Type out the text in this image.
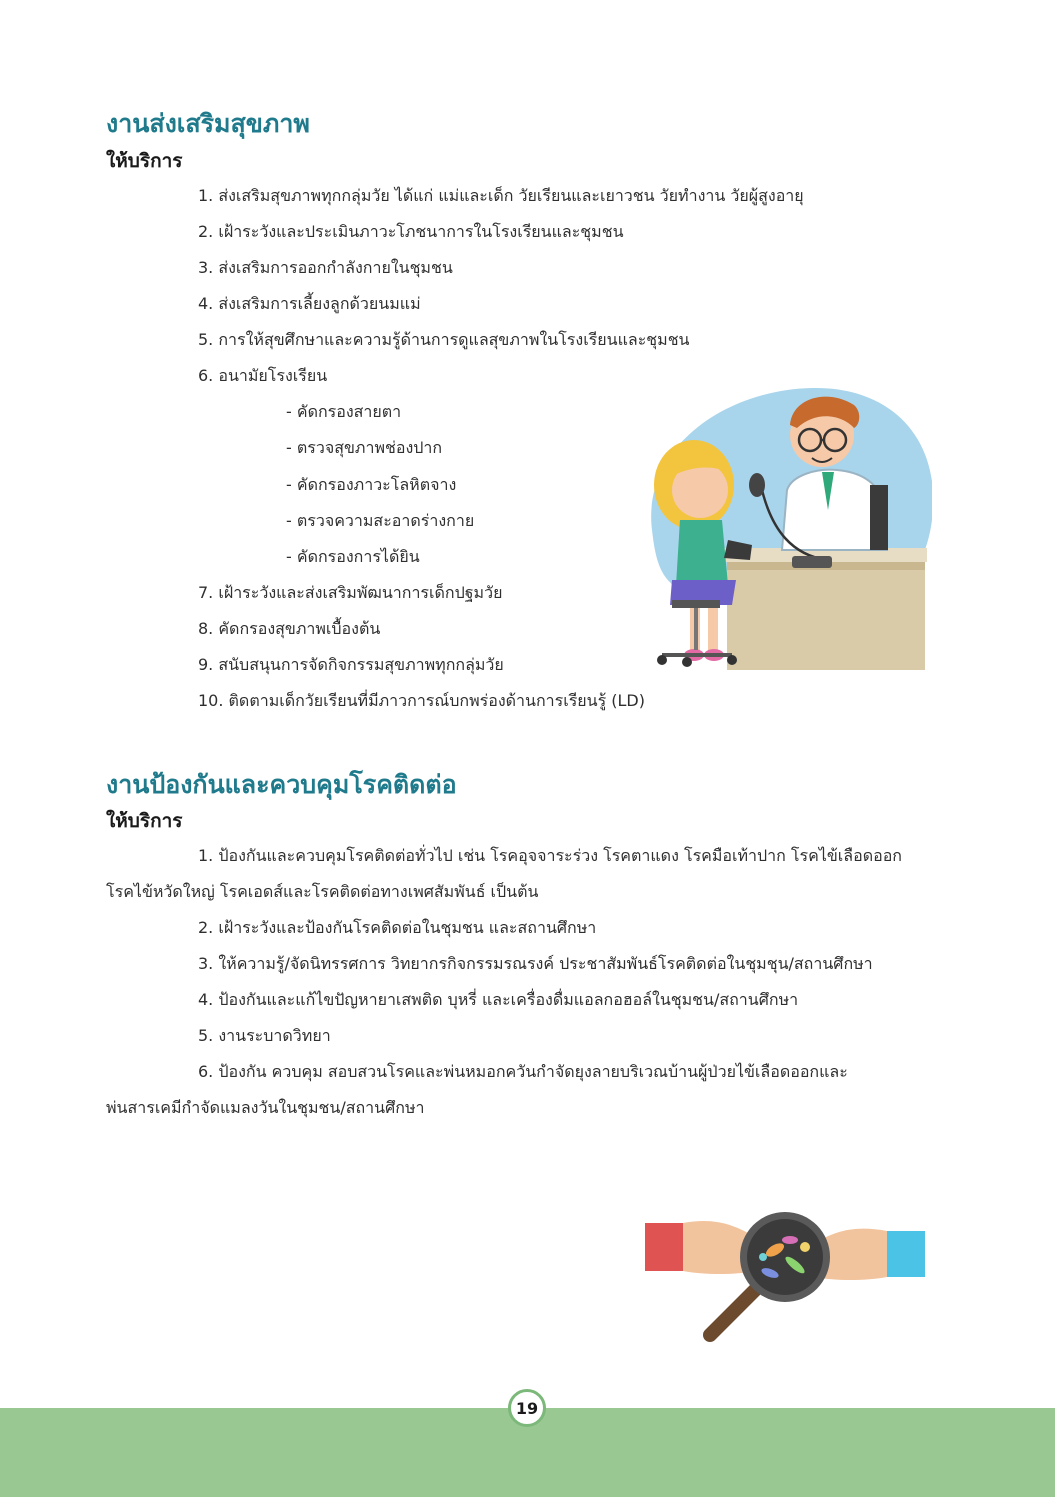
งานส่งเสริมสุขภาพ
ให้บริการ
1. ส่งเสริมสุขภาพทุกกลุ่มวัย ได้แก่ แม่และเด็ก วัยเรียนและเยาวชน วัยทำงาน วัยผู้สูงอายุ
2. เฝ้าระวังและประเมินภาวะโภชนาการในโรงเรียนและชุมชน
3. ส่งเสริมการออกกำลังกายในชุมชน
4. ส่งเสริมการเลี้ยงลูกด้วยนมแม่
5. การให้สุขศึกษาและความรู้ด้านการดูแลสุขภาพในโรงเรียนและชุมชน
6. อนามัยโรงเรียน
- คัดกรองสายตา
- ตรวจสุขภาพช่องปาก
- คัดกรองภาวะโลหิตจาง
- ตรวจความสะอาดร่างกาย
- คัดกรองการได้ยิน
7. เฝ้าระวังและส่งเสริมพัฒนาการเด็กปฐมวัย
8. คัดกรองสุขภาพเบื้องต้น
9. สนับสนุนการจัดกิจกรรมสุขภาพทุกกลุ่มวัย
10. ติดตามเด็กวัยเรียนที่มีภาวการณ์บกพร่องด้านการเรียนรู้ (LD)
งานป้องกันและควบคุมโรคติดต่อ
ให้บริการ
1. ป้องกันและควบคุมโรคติดต่อทั่วไป เช่น โรคอุจจาระร่วง โรคตาแดง โรคมือเท้าปาก โรคไข้เลือดออก
โรคไข้หวัดใหญ่ โรคเอดส์และโรคติดต่อทางเพศสัมพันธ์ เป็นต้น
2. เฝ้าระวังและป้องกันโรคติดต่อในชุมชน และสถานศึกษา
3. ให้ความรู้/จัดนิทรรศการ วิทยากรกิจกรรมรณรงค์ ประชาสัมพันธ์โรคติดต่อในชุมชุน/สถานศึกษา
4. ป้องกันและแก้ไขปัญหายาเสพติด บุหรี่ และเครื่องดื่มแอลกอฮอล์ในชุมชน/สถานศึกษา
5. งานระบาดวิทยา
6. ป้องกัน ควบคุม สอบสวนโรคและพ่นหมอกควันกำจัดยุงลายบริเวณบ้านผู้ป่วยไข้เลือดออกและ
พ่นสารเคมีกำจัดแมลงวันในชุมชน/สถานศึกษา
19
